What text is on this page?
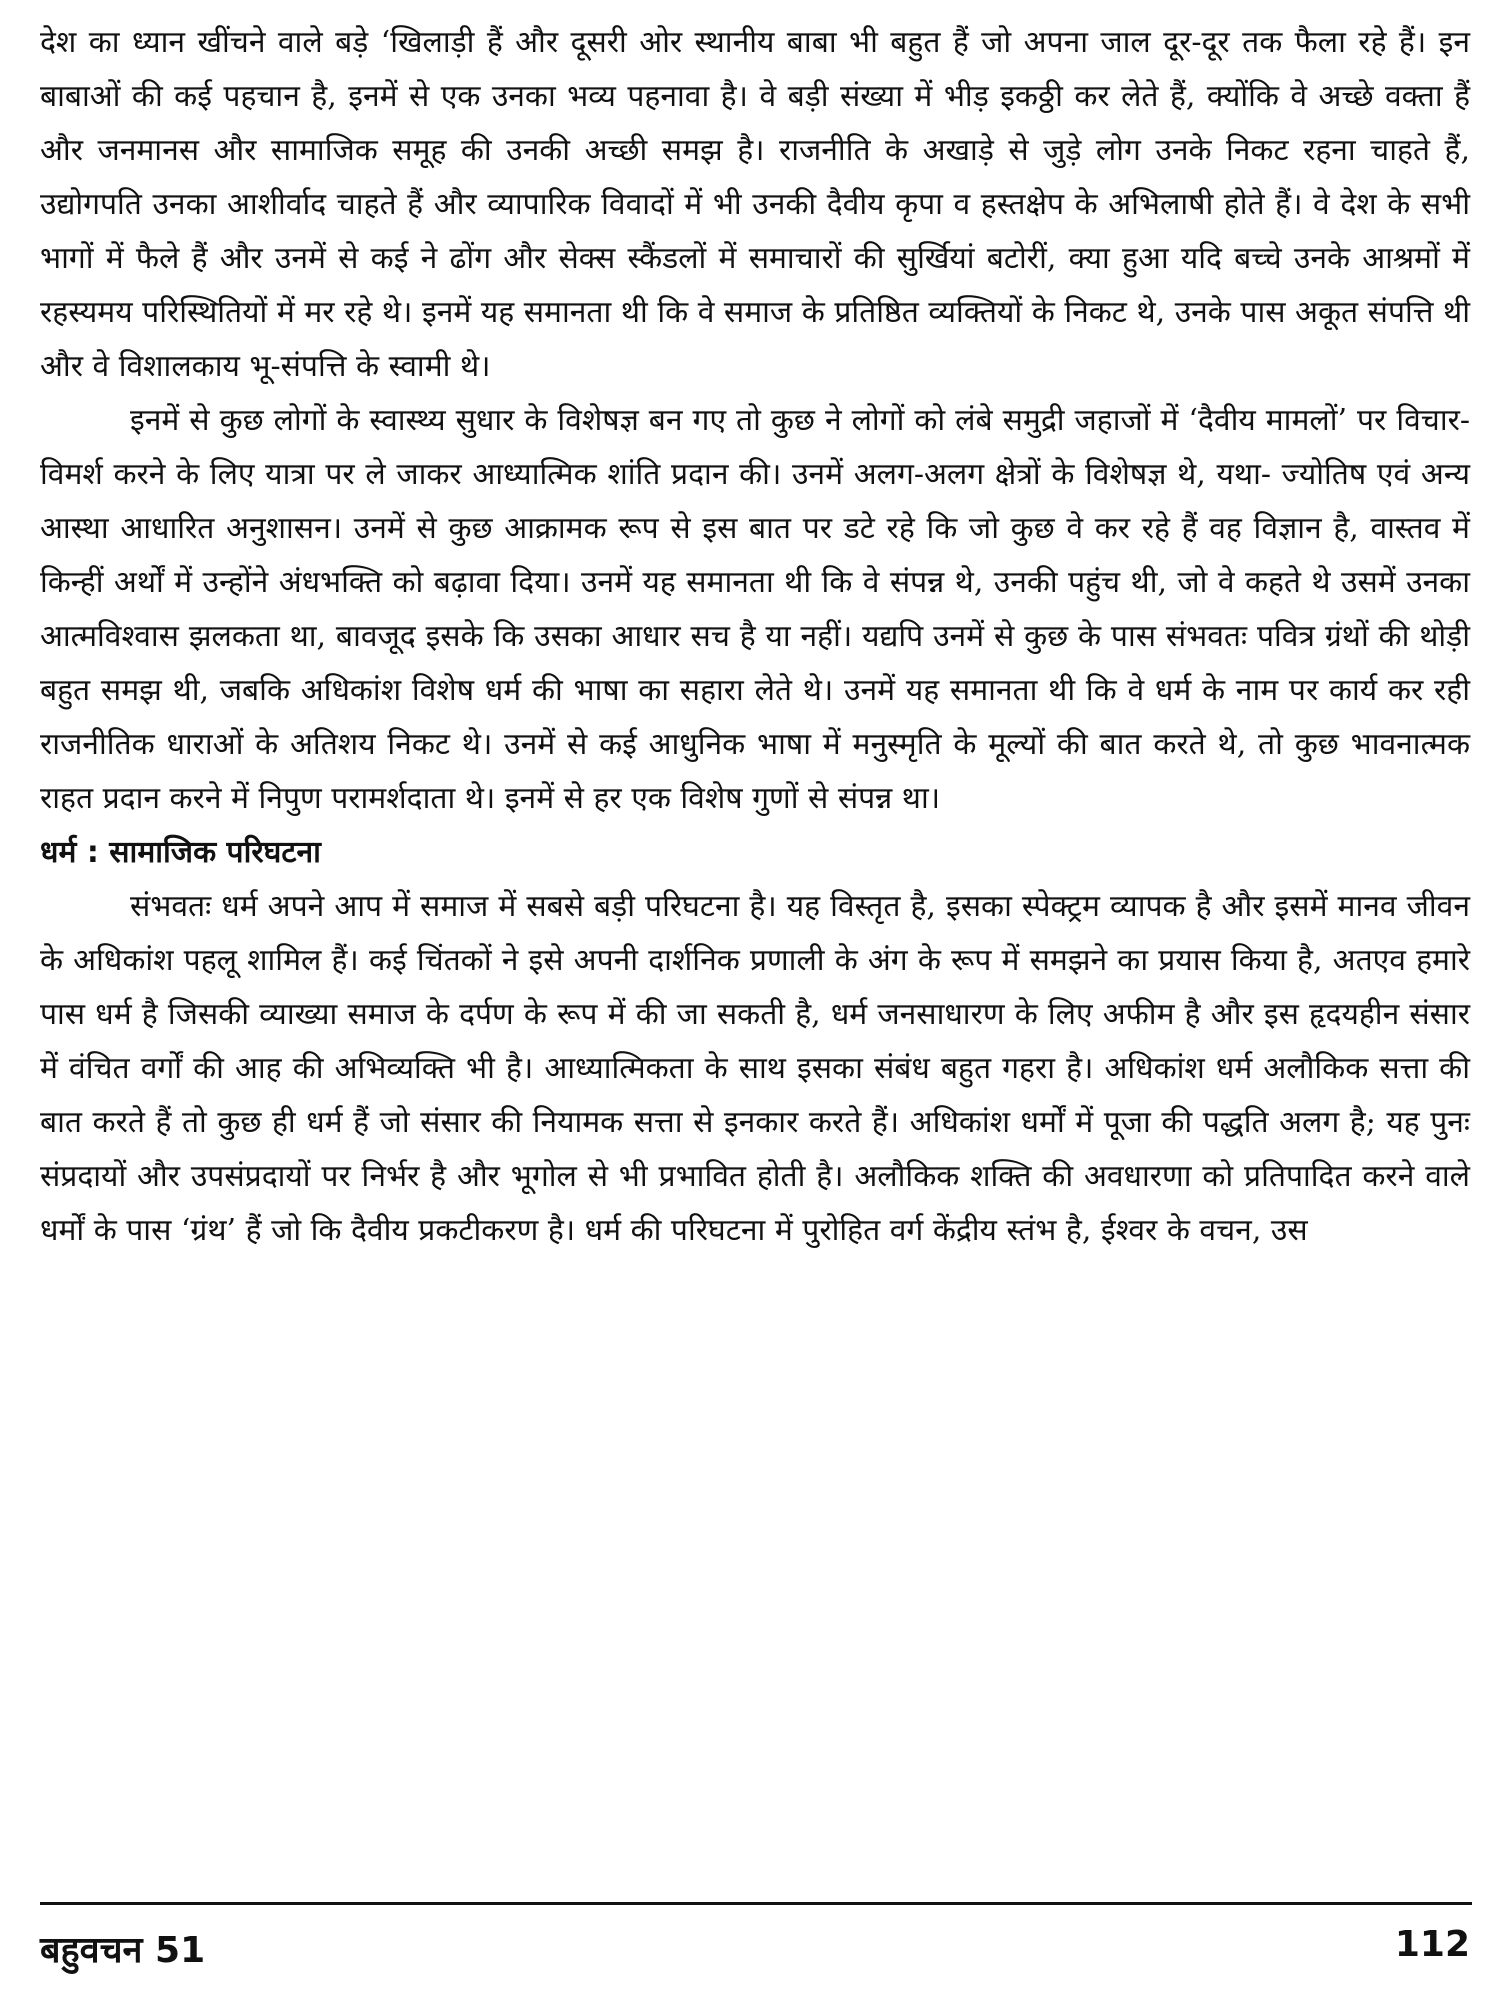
देश का ध्यान खींचने वाले बड़े ‘खिलाड़ी हैं और दूसरी ओर स्थानीय बाबा भी बहुत हैं जो अपना जाल दूर-दूर तक फैला रहे हैं। इन बाबाओं की कई पहचान है, इनमें से एक उनका भव्य पहनावा है। वे बड़ी संख्या में भीड़ इकठ्ठी कर लेते हैं, क्योंकि वे अच्छे वक्ता हैं और जनमानस और सामाजिक समूह की उनकी अच्छी समझ है। राजनीति के अखाड़े से जुड़े लोग उनके निकट रहना चाहते हैं, उद्योगपति उनका आशीर्वाद चाहते हैं और व्यापारिक विवादों में भी उनकी दैवीय कृपा व हस्तक्षेप के अभिलाषी होते हैं। वे देश के सभी भागों में फैले हैं और उनमें से कई ने ढोंग और सेक्स स्कैंडलों में समाचारों की सुर्खियां बटोरीं, क्या हुआ यदि बच्चे उनके आश्रमों में रहस्यमय परिस्थितियों में मर रहे थे। इनमें यह समानता थी कि वे समाज के प्रतिष्ठित व्यक्तियों के निकट थे, उनके पास अकूत संपत्ति थी और वे विशालकाय भू-संपत्ति के स्वामी थे।

इनमें से कुछ लोगों के स्वास्थ्य सुधार के विशेषज्ञ बन गए तो कुछ ने लोगों को लंबे समुद्री जहाजों में ‘दैवीय मामलों’ पर विचार-विमर्श करने के लिए यात्रा पर ले जाकर आध्यात्मिक शांति प्रदान की। उनमें अलग-अलग क्षेत्रों के विशेषज्ञ थे, यथा- ज्योतिष एवं अन्य आस्था आधारित अनुशासन। उनमें से कुछ आक्रामक रूप से इस बात पर डटे रहे कि जो कुछ वे कर रहे हैं वह विज्ञान है, वास्तव में किन्हीं अर्थों में उन्होंने अंधभक्ति को बढ़ावा दिया। उनमें यह समानता थी कि वे संपन्न थे, उनकी पहुंच थी, जो वे कहते थे उसमें उनका आत्मविश्वास झलकता था, बावजूद इसके कि उसका आधार सच है या नहीं। यद्यपि उनमें से कुछ के पास संभवतः पवित्र ग्रंथों की थोड़ी बहुत समझ थी, जबकि अधिकांश विशेष धर्म की भाषा का सहारा लेते थे। उनमें यह समानता थी कि वे धर्म के नाम पर कार्य कर रही राजनीतिक धाराओं के अतिशय निकट थे। उनमें से कई आधुनिक भाषा में मनुस्मृति के मूल्यों की बात करते थे, तो कुछ भावनात्मक राहत प्रदान करने में निपुण परामर्शदाता थे। इनमें से हर एक विशेष गुणों से संपन्न था।

धर्म : सामाजिक परिघटना

संभवतः धर्म अपने आप में समाज में सबसे बड़ी परिघटना है। यह विस्तृत है, इसका स्पेक्ट्रम व्यापक है और इसमें मानव जीवन के अधिकांश पहलू शामिल हैं। कई चिंतकों ने इसे अपनी दार्शनिक प्रणाली के अंग के रूप में समझने का प्रयास किया है, अतएव हमारे पास धर्म है जिसकी व्याख्या समाज के दर्पण के रूप में की जा सकती है, धर्म जनसाधारण के लिए अफीम है और इस हृदयहीन संसार में वंचित वर्गों की आह की अभिव्यक्ति भी है। आध्यात्मिकता के साथ इसका संबंध बहुत गहरा है। अधिकांश धर्म अलौकिक सत्ता की बात करते हैं तो कुछ ही धर्म हैं जो संसार की नियामक सत्ता से इनकार करते हैं। अधिकांश धर्मों में पूजा की पद्धति अलग है; यह पुनः संप्रदायों और उपसंप्रदायों पर निर्भर है और भूगोल से भी प्रभावित होती है। अलौकिक शक्ति की अवधारणा को प्रतिपादित करने वाले धर्मों के पास ‘ग्रंथ’ हैं जो कि दैवीय प्रकटीकरण है। धर्म की परिघटना में पुरोहित वर्ग केंद्रीय स्तंभ है, ईश्वर के वचन, उस

बहुवचन 51	112
